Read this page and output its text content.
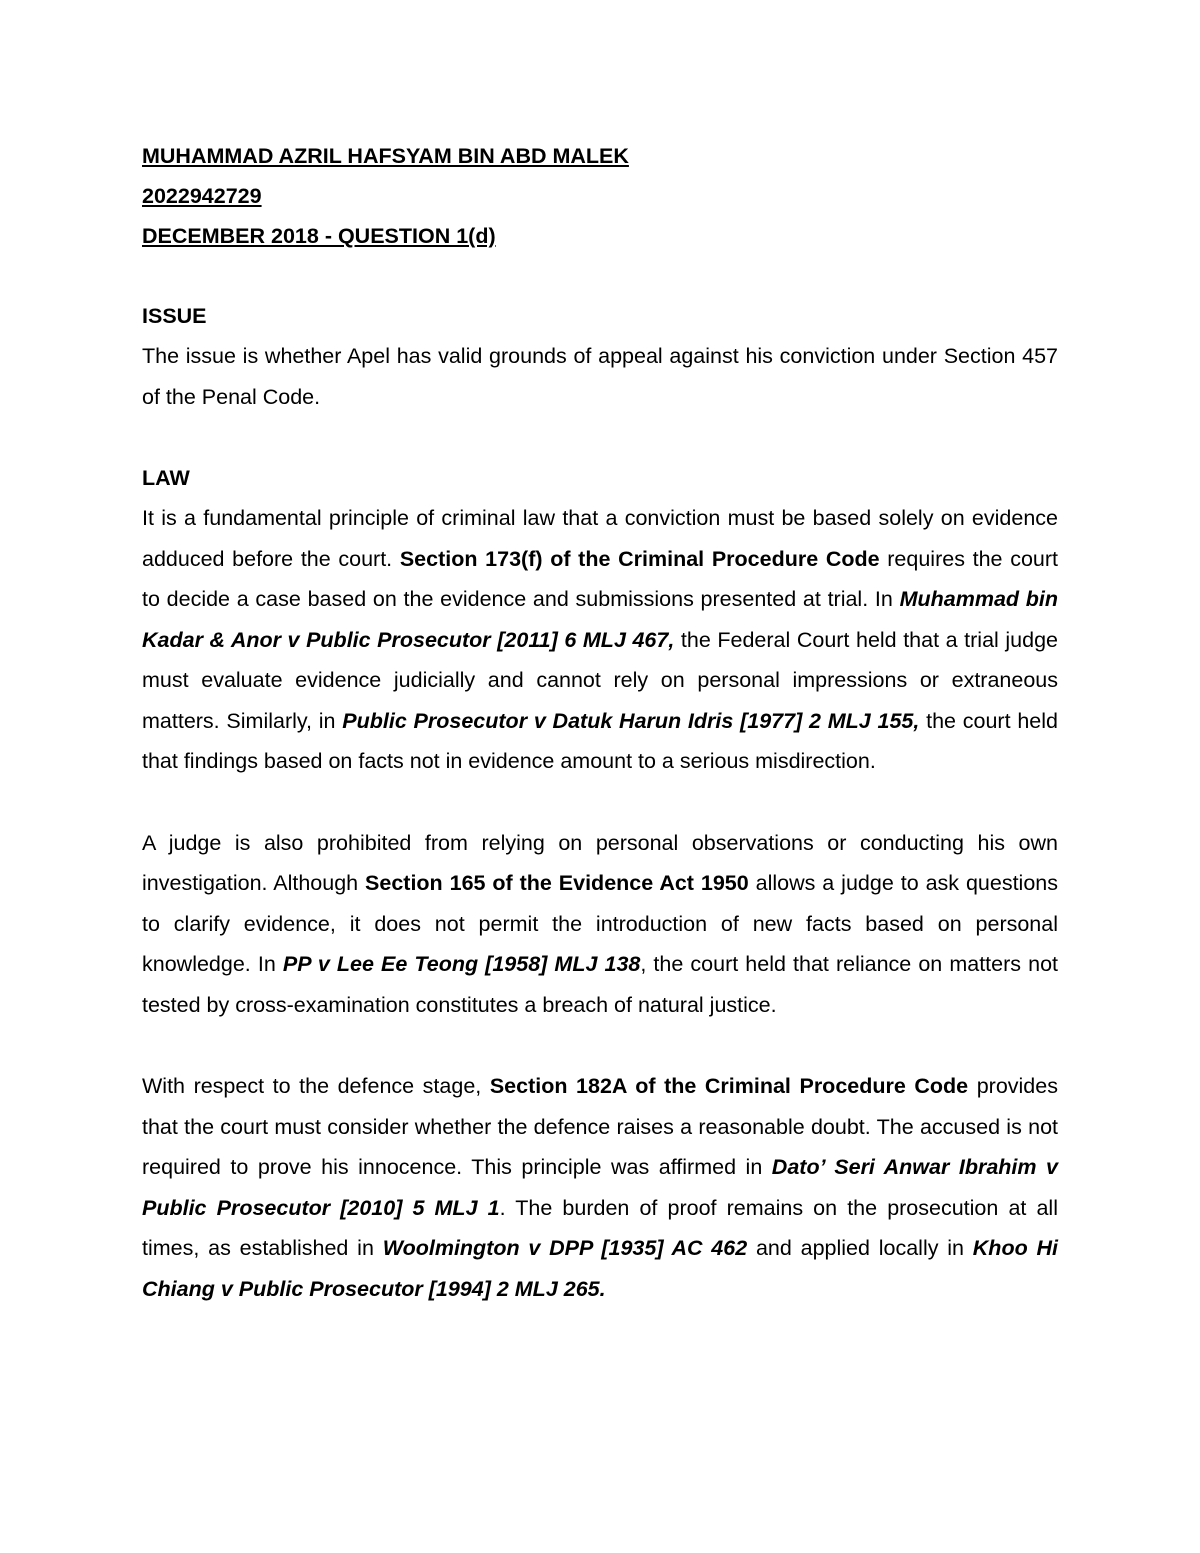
MUHAMMAD AZRIL HAFSYAM BIN ABD MALEK
2022942729
DECEMBER 2018 - QUESTION 1(d)
ISSUE

The issue is whether Apel has valid grounds of appeal against his conviction under Section 457 of the Penal Code.

LAW

It is a fundamental principle of criminal law that a conviction must be based solely on evidence adduced before the court. Section 173(f) of the Criminal Procedure Code requires the court to decide a case based on the evidence and submissions presented at trial. In Muhammad bin Kadar & Anor v Public Prosecutor [2011] 6 MLJ 467, the Federal Court held that a trial judge must evaluate evidence judicially and cannot rely on personal impressions or extraneous matters. Similarly, in Public Prosecutor v Datuk Harun Idris [1977] 2 MLJ 155, the court held that findings based on facts not in evidence amount to a serious misdirection.

A judge is also prohibited from relying on personal observations or conducting his own investigation. Although Section 165 of the Evidence Act 1950 allows a judge to ask questions to clarify evidence, it does not permit the introduction of new facts based on personal knowledge. In PP v Lee Ee Teong [1958] MLJ 138, the court held that reliance on matters not tested by cross-examination constitutes a breach of natural justice.

With respect to the defence stage, Section 182A of the Criminal Procedure Code provides that the court must consider whether the defence raises a reasonable doubt. The accused is not required to prove his innocence. This principle was affirmed in Dato’ Seri Anwar Ibrahim v Public Prosecutor [2010] 5 MLJ 1. The burden of proof remains on the prosecution at all times, as established in Woolmington v DPP [1935] AC 462 and applied locally in Khoo Hi Chiang v Public Prosecutor [1994] 2 MLJ 265.
